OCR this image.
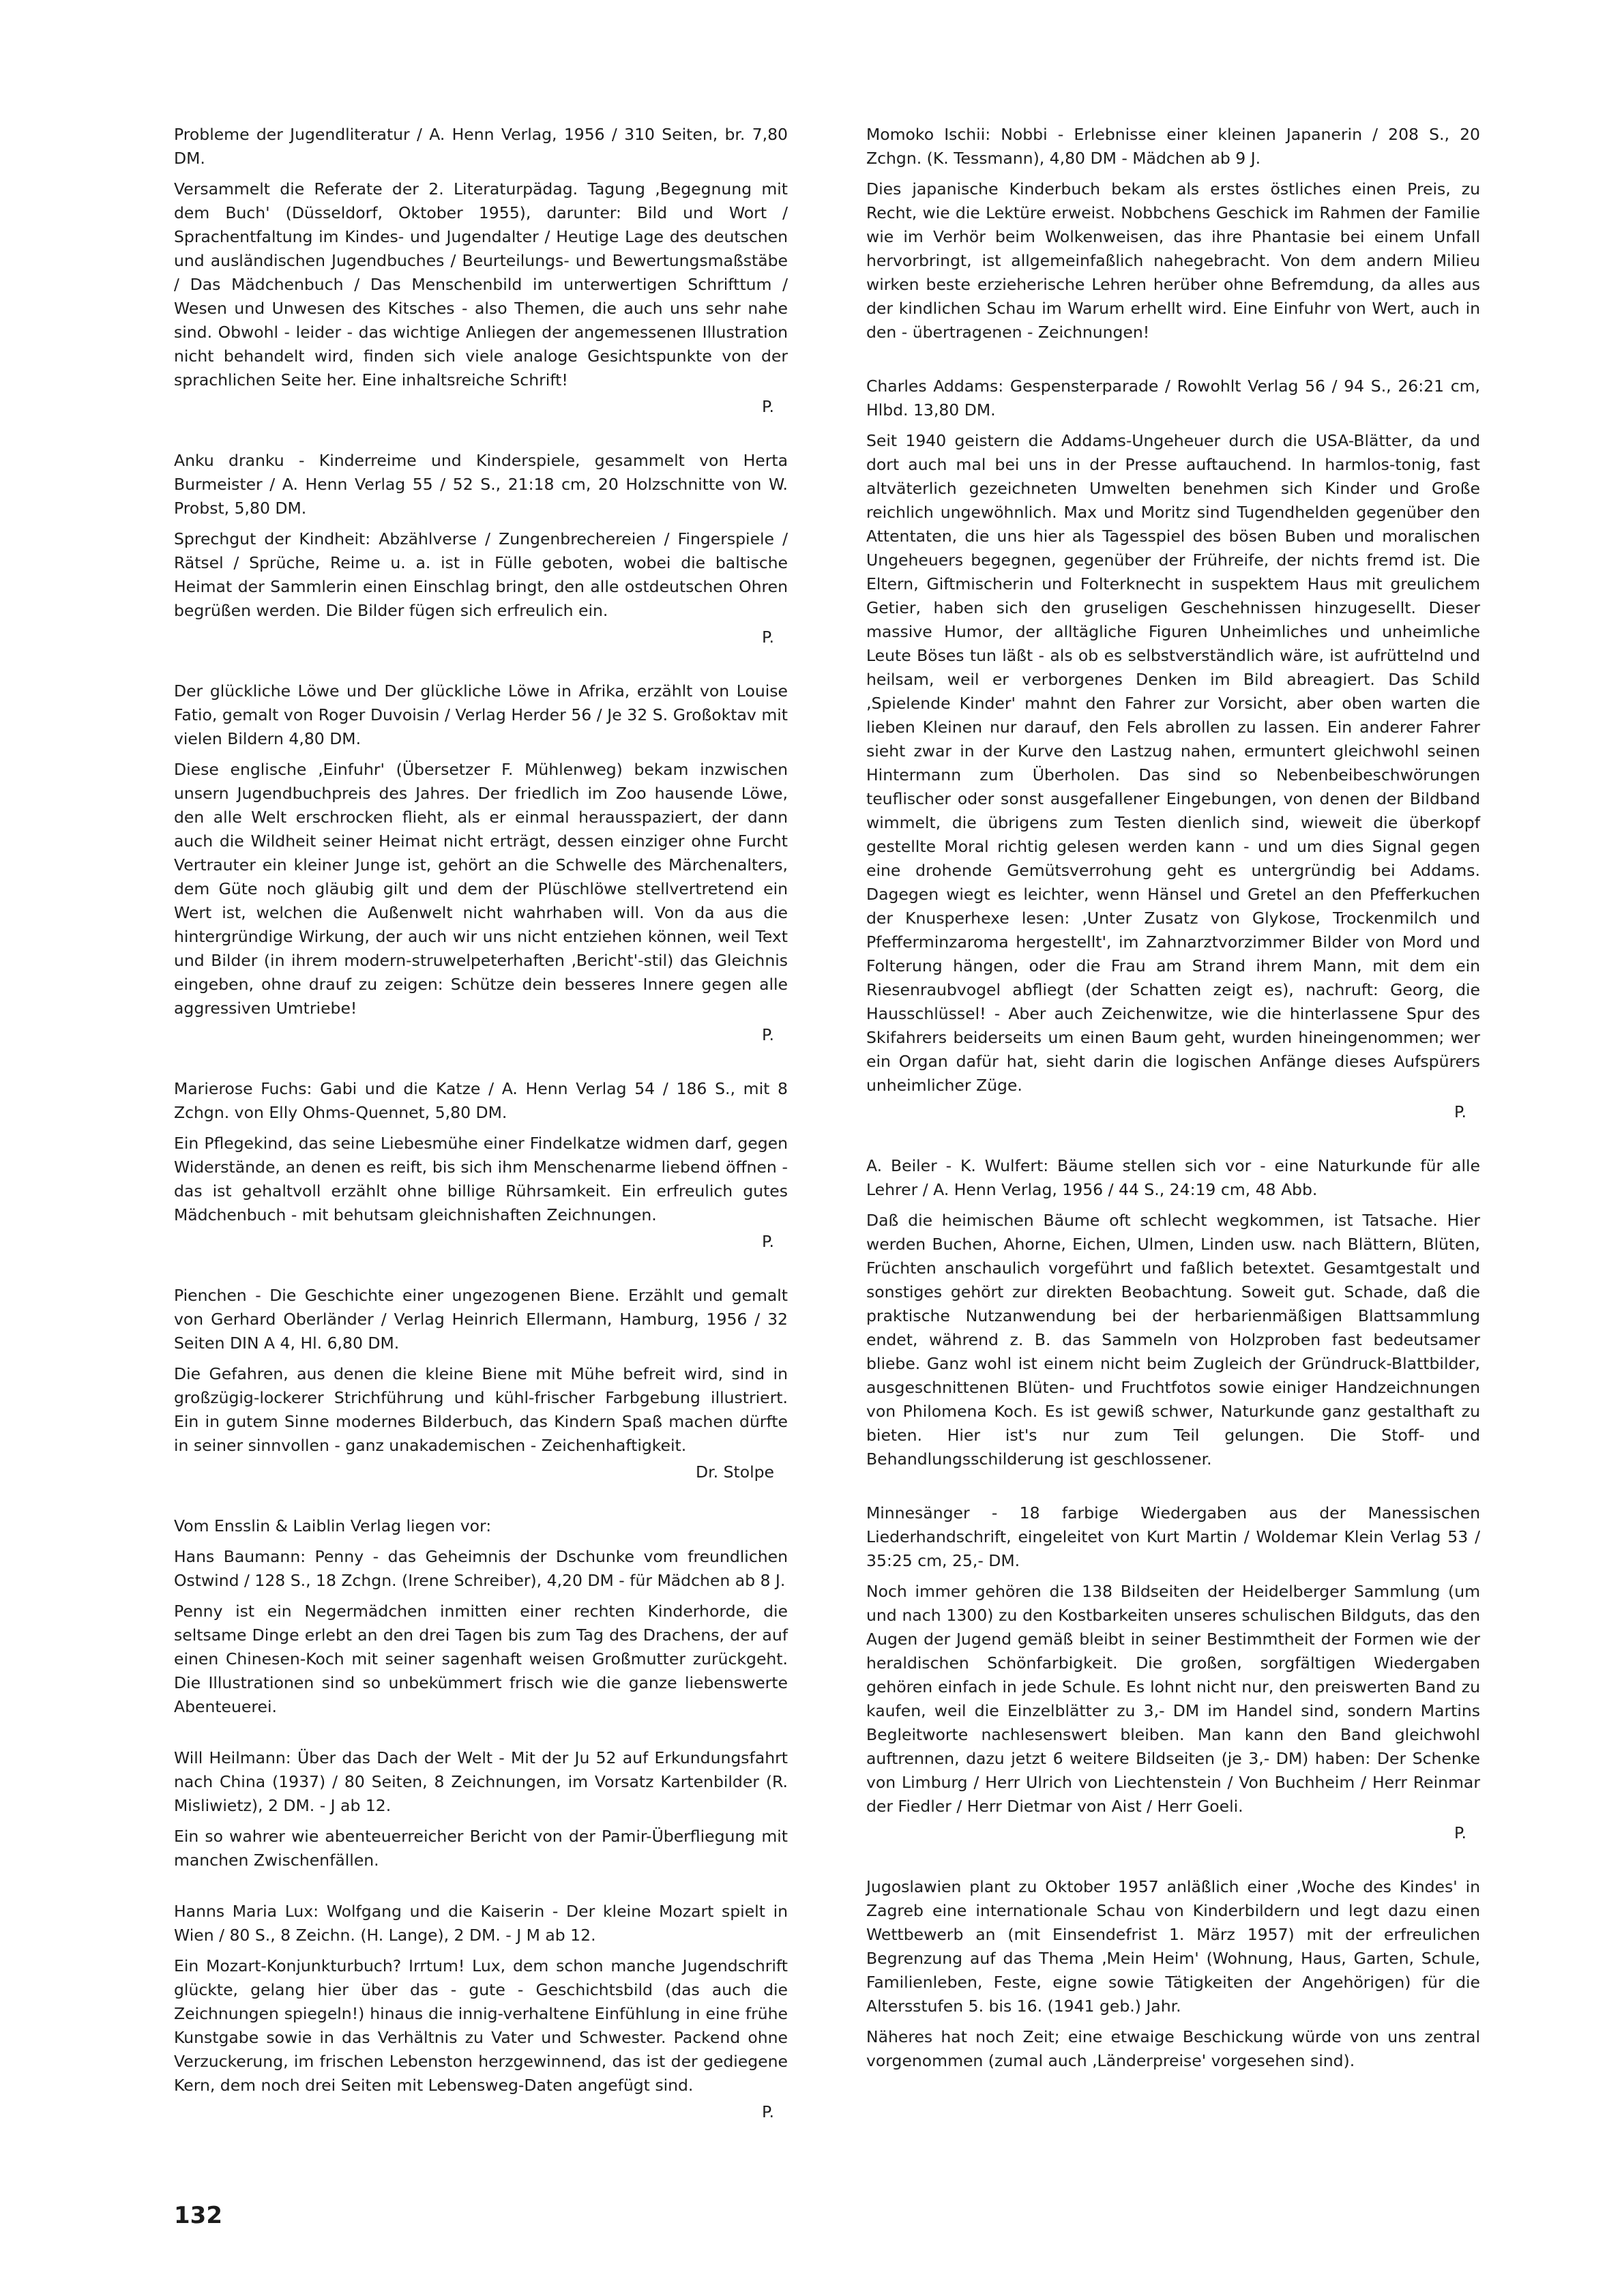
Probleme der Jugendliteratur / A. Henn Verlag, 1956 / 310 Seiten, br. 7,80 DM.

Versammelt die Referate der 2. Literaturpädag. Tagung ‚Begegnung mit dem Buch' (Düsseldorf, Oktober 1955), darunter: Bild und Wort / Sprachentfaltung im Kindes- und Jugendalter / Heutige Lage des deutschen und ausländischen Jugendbuches / Beurteilungs- und Bewertungsmaßstäbe / Das Mädchenbuch / Das Menschenbild im unterwertigen Schrifttum / Wesen und Unwesen des Kitsches - also Themen, die auch uns sehr nahe sind. Obwohl - leider - das wichtige Anliegen der angemessenen Illustration nicht behandelt wird, finden sich viele analoge Gesichtspunkte von der sprachlichen Seite her. Eine inhaltsreiche Schrift!

P.

Anku dranku - Kinderreime und Kinderspiele, gesammelt von Herta Burmeister / A. Henn Verlag 55 / 52 S., 21:18 cm, 20 Holzschnitte von W. Probst, 5,80 DM.

Sprechgut der Kindheit: Abzählverse / Zungenbrechereien / Fingerspiele / Rätsel / Sprüche, Reime u. a. ist in Fülle geboten, wobei die baltische Heimat der Sammlerin einen Einschlag bringt, den alle ostdeutschen Ohren begrüßen werden. Die Bilder fügen sich erfreulich ein.

P.

Der glückliche Löwe und Der glückliche Löwe in Afrika, erzählt von Louise Fatio, gemalt von Roger Duvoisin / Verlag Herder 56 / Je 32 S. Großoktav mit vielen Bildern 4,80 DM.

Diese englische ‚Einfuhr' (Übersetzer F. Mühlenweg) bekam inzwischen unsern Jugendbuchpreis des Jahres. Der friedlich im Zoo hausende Löwe, den alle Welt erschrocken flieht, als er einmal herausspaziert, der dann auch die Wildheit seiner Heimat nicht erträgt, dessen einziger ohne Furcht Vertrauter ein kleiner Junge ist, gehört an die Schwelle des Märchenalters, dem Güte noch gläubig gilt und dem der Plüschlöwe stellvertretend ein Wert ist, welchen die Außenwelt nicht wahrhaben will. Von da aus die hintergründige Wirkung, der auch wir uns nicht entziehen können, weil Text und Bilder (in ihrem modern-struwelpeterhaften ‚Bericht'-stil) das Gleichnis eingeben, ohne drauf zu zeigen: Schütze dein besseres Innere gegen alle aggressiven Umtriebe!

P.

Marierose Fuchs: Gabi und die Katze / A. Henn Verlag 54 / 186 S., mit 8 Zchgn. von Elly Ohms-Quennet, 5,80 DM.

Ein Pflegekind, das seine Liebesmühe einer Findelkatze widmen darf, gegen Widerstände, an denen es reift, bis sich ihm Menschenarme liebend öffnen - das ist gehaltvoll erzählt ohne billige Rührsamkeit. Ein erfreulich gutes Mädchenbuch - mit behutsam gleichnishaften Zeichnungen.

P.

Pienchen - Die Geschichte einer ungezogenen Biene. Erzählt und gemalt von Gerhard Oberländer / Verlag Heinrich Ellermann, Hamburg, 1956 / 32 Seiten DIN A 4, Hl. 6,80 DM.

Die Gefahren, aus denen die kleine Biene mit Mühe befreit wird, sind in großzügig-lockerer Strichführung und kühl-frischer Farbgebung illustriert. Ein in gutem Sinne modernes Bilderbuch, das Kindern Spaß machen dürfte in seiner sinnvollen - ganz unakademischen - Zeichenhaftigkeit.

Dr. Stolpe

Vom Ensslin & Laiblin Verlag liegen vor:

Hans Baumann: Penny - das Geheimnis der Dschunke vom freundlichen Ostwind / 128 S., 18 Zchgn. (Irene Schreiber), 4,20 DM - für Mädchen ab 8 J.

Penny ist ein Negermädchen inmitten einer rechten Kinderhorde, die seltsame Dinge erlebt an den drei Tagen bis zum Tag des Drachens, der auf einen Chinesen-Koch mit seiner sagenhaft weisen Großmutter zurückgeht. Die Illustrationen sind so unbekümmert frisch wie die ganze liebenswerte Abenteuerei.

Will Heilmann: Über das Dach der Welt - Mit der Ju 52 auf Erkundungsfahrt nach China (1937) / 80 Seiten, 8 Zeichnungen, im Vorsatz Kartenbilder (R. Misliwietz), 2 DM. - J ab 12.

Ein so wahrer wie abenteuerreicher Bericht von der Pamir-Überfliegung mit manchen Zwischenfällen.

Hanns Maria Lux: Wolfgang und die Kaiserin - Der kleine Mozart spielt in Wien / 80 S., 8 Zeichn. (H. Lange), 2 DM. - J M ab 12.

Ein Mozart-Konjunkturbuch? Irrtum! Lux, dem schon manche Jugendschrift glückte, gelang hier über das - gute - Geschichtsbild (das auch die Zeichnungen spiegeln!) hinaus die innig-verhaltene Einfühlung in eine frühe Kunstgabe sowie in das Verhältnis zu Vater und Schwester. Packend ohne Verzuckerung, im frischen Lebenston herzgewinnend, das ist der gediegene Kern, dem noch drei Seiten mit Lebensweg-Daten angefügt sind.

P.

Momoko Ischii: Nobbi - Erlebnisse einer kleinen Japanerin / 208 S., 20 Zchgn. (K. Tessmann), 4,80 DM - Mädchen ab 9 J.

Dies japanische Kinderbuch bekam als erstes östliches einen Preis, zu Recht, wie die Lektüre erweist. Nobbchens Geschick im Rahmen der Familie wie im Verhör beim Wolkenweisen, das ihre Phantasie bei einem Unfall hervorbringt, ist allgemeinfaßlich nahegebracht. Von dem andern Milieu wirken beste erzieherische Lehren herüber ohne Befremdung, da alles aus der kindlichen Schau im Warum erhellt wird. Eine Einfuhr von Wert, auch in den - übertragenen - Zeichnungen!

Charles Addams: Gespensterparade / Rowohlt Verlag 56 / 94 S., 26:21 cm, Hlbd. 13,80 DM.

Seit 1940 geistern die Addams-Ungeheuer durch die USA-Blätter, da und dort auch mal bei uns in der Presse auftauchend. In harmlos-tonig, fast altväterlich gezeichneten Umwelten benehmen sich Kinder und Große reichlich ungewöhnlich. Max und Moritz sind Tugendhelden gegenüber den Attentaten, die uns hier als Tagesspiel des bösen Buben und moralischen Ungeheuers begegnen, gegenüber der Frühreife, der nichts fremd ist. Die Eltern, Giftmischerin und Folterknecht in suspektem Haus mit greulichem Getier, haben sich den gruseligen Geschehnissen hinzugesellt. Dieser massive Humor, der alltägliche Figuren Unheimliches und unheimliche Leute Böses tun läßt - als ob es selbstverständlich wäre, ist aufrüttelnd und heilsam, weil er verborgenes Denken im Bild abreagiert. Das Schild ‚Spielende Kinder' mahnt den Fahrer zur Vorsicht, aber oben warten die lieben Kleinen nur darauf, den Fels abrollen zu lassen. Ein anderer Fahrer sieht zwar in der Kurve den Lastzug nahen, ermuntert gleichwohl seinen Hintermann zum Überholen. Das sind so Nebenbeibeschwörungen teuflischer oder sonst ausgefallener Eingebungen, von denen der Bildband wimmelt, die übrigens zum Testen dienlich sind, wieweit die überkopf gestellte Moral richtig gelesen werden kann - und um dies Signal gegen eine drohende Gemütsverrohung geht es untergründig bei Addams. Dagegen wiegt es leichter, wenn Hänsel und Gretel an den Pfefferkuchen der Knusperhexe lesen: ‚Unter Zusatz von Glykose, Trockenmilch und Pfefferminzaroma hergestellt', im Zahnarztvorzimmer Bilder von Mord und Folterung hängen, oder die Frau am Strand ihrem Mann, mit dem ein Riesenraubvogel abfliegt (der Schatten zeigt es), nachruft: Georg, die Hausschlüssel! - Aber auch Zeichenwitze, wie die hinterlassene Spur des Skifahrers beiderseits um einen Baum geht, wurden hineingenommen; wer ein Organ dafür hat, sieht darin die logischen Anfänge dieses Aufspürers unheimlicher Züge.

P.

A. Beiler - K. Wulfert: Bäume stellen sich vor - eine Naturkunde für alle Lehrer / A. Henn Verlag, 1956 / 44 S., 24:19 cm, 48 Abb.

Daß die heimischen Bäume oft schlecht wegkommen, ist Tatsache. Hier werden Buchen, Ahorne, Eichen, Ulmen, Linden usw. nach Blättern, Blüten, Früchten anschaulich vorgeführt und faßlich betextet. Gesamtgestalt und sonstiges gehört zur direkten Beobachtung. Soweit gut. Schade, daß die praktische Nutzanwendung bei der herbarienmäßigen Blattsammlung endet, während z. B. das Sammeln von Holzproben fast bedeutsamer bliebe. Ganz wohl ist einem nicht beim Zugleich der Gründruck-Blattbilder, ausgeschnittenen Blüten- und Fruchtfotos sowie einiger Handzeichnungen von Philomena Koch. Es ist gewiß schwer, Naturkunde ganz gestalthaft zu bieten. Hier ist's nur zum Teil gelungen. Die Stoff- und Behandlungsschilderung ist geschlossener.

Minnesänger - 18 farbige Wiedergaben aus der Manessischen Liederhandschrift, eingeleitet von Kurt Martin / Woldemar Klein Verlag 53 / 35:25 cm, 25,- DM.

Noch immer gehören die 138 Bildseiten der Heidelberger Sammlung (um und nach 1300) zu den Kostbarkeiten unseres schulischen Bildguts, das den Augen der Jugend gemäß bleibt in seiner Bestimmtheit der Formen wie der heraldischen Schönfarbigkeit. Die großen, sorgfältigen Wiedergaben gehören einfach in jede Schule. Es lohnt nicht nur, den preiswerten Band zu kaufen, weil die Einzelblätter zu 3,- DM im Handel sind, sondern Martins Begleitworte nachlesenswert bleiben. Man kann den Band gleichwohl auftrennen, dazu jetzt 6 weitere Bildseiten (je 3,- DM) haben: Der Schenke von Limburg / Herr Ulrich von Liechtenstein / Von Buchheim / Herr Reinmar der Fiedler / Herr Dietmar von Aist / Herr Goeli.

P.

Jugoslawien plant zu Oktober 1957 anläßlich einer ‚Woche des Kindes' in Zagreb eine internationale Schau von Kinderbildern und legt dazu einen Wettbewerb an (mit Einsendefrist 1. März 1957) mit der erfreulichen Begrenzung auf das Thema ‚Mein Heim' (Wohnung, Haus, Garten, Schule, Familienleben, Feste, eigne sowie Tätigkeiten der Angehörigen) für die Altersstufen 5. bis 16. (1941 geb.) Jahr.

Näheres hat noch Zeit; eine etwaige Beschickung würde von uns zentral vorgenommen (zumal auch ‚Länderpreise' vorgesehen sind).

132
